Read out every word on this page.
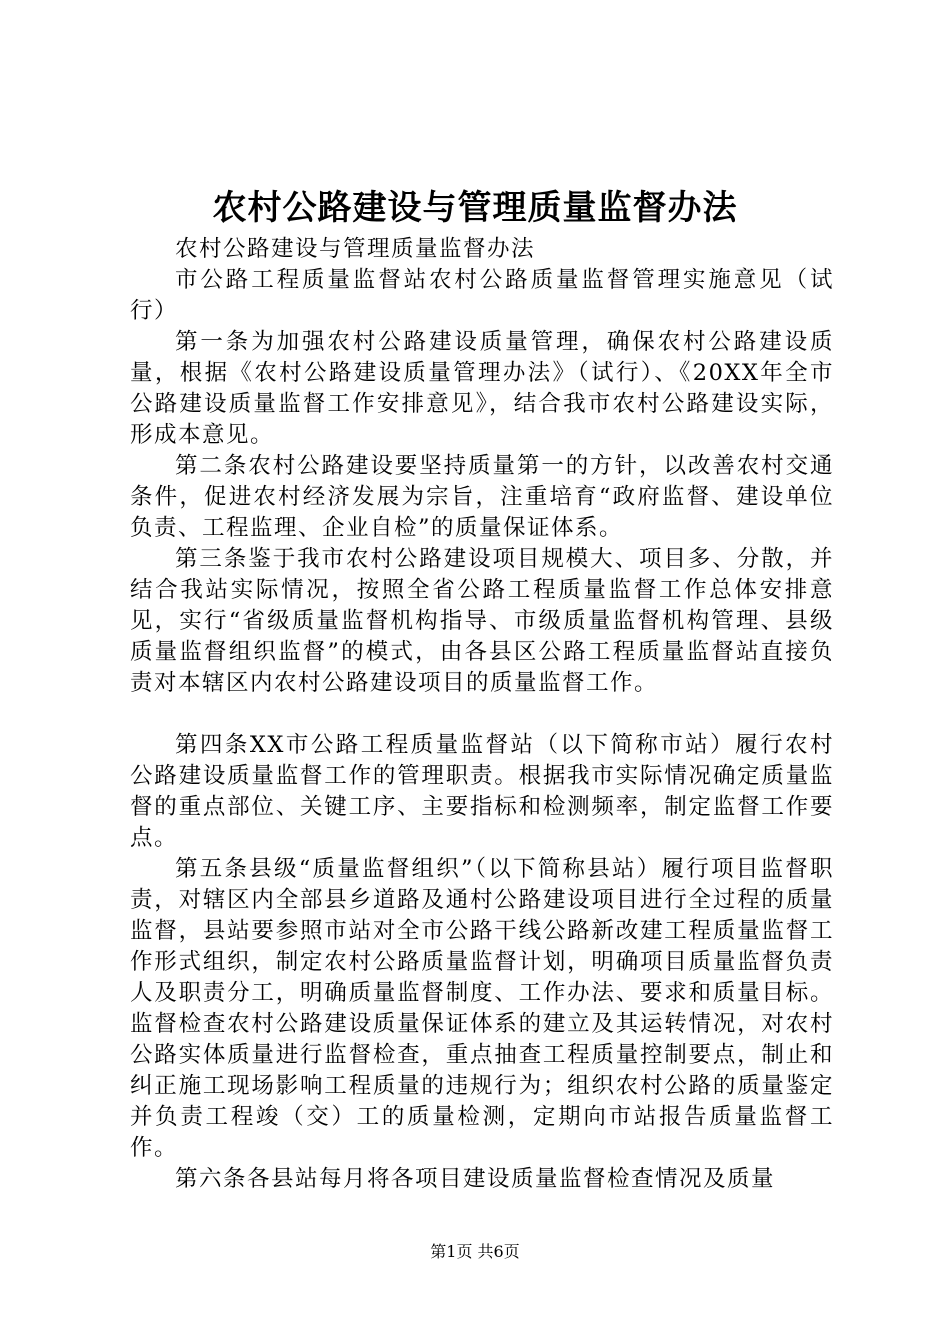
农村公路建设与管理质量监督办法

农村公路建设与管理质量监督办法

市公路工程质量监督站农村公路质量监督管理实施意见（试行）

第一条为加强农村公路建设质量管理，确保农村公路建设质量，根据《农村公路建设质量管理办法》（试行）、《20XX年全市公路建设质量监督工作安排意见》，结合我市农村公路建设实际，形成本意见。

第二条农村公路建设要坚持质量第一的方针，以改善农村交通条件，促进农村经济发展为宗旨，注重培育“政府监督、建设单位负责、工程监理、企业自检”的质量保证体系。

第三条鉴于我市农村公路建设项目规模大、项目多、分散，并结合我站实际情况，按照全省公路工程质量监督工作总体安排意见，实行“省级质量监督机构指导、市级质量监督机构管理、县级质量监督组织监督”的模式，由各县区公路工程质量监督站直接负责对本辖区内农村公路建设项目的质量监督工作。

第四条XX市公路工程质量监督站（以下简称市站）履行农村公路建设质量监督工作的管理职责。根据我市实际情况确定质量监督的重点部位、关键工序、主要指标和检测频率，制定监督工作要点。

第五条县级“质量监督组织”（以下简称县站）履行项目监督职责，对辖区内全部县乡道路及通村公路建设项目进行全过程的质量监督，县站要参照市站对全市公路干线公路新改建工程质量监督工作形式组织，制定农村公路质量监督计划，明确项目质量监督负责人及职责分工，明确质量监督制度、工作办法、要求和质量目标。监督检查农村公路建设质量保证体系的建立及其运转情况，对农村公路实体质量进行监督检查，重点抽查工程质量控制要点，制止和纠正施工现场影响工程质量的违规行为；组织农村公路的质量鉴定并负责工程竣（交）工的质量检测，定期向市站报告质量监督工作。

第六条各县站每月将各项目建设质量监督检查情况及质量

第1页 共6页
